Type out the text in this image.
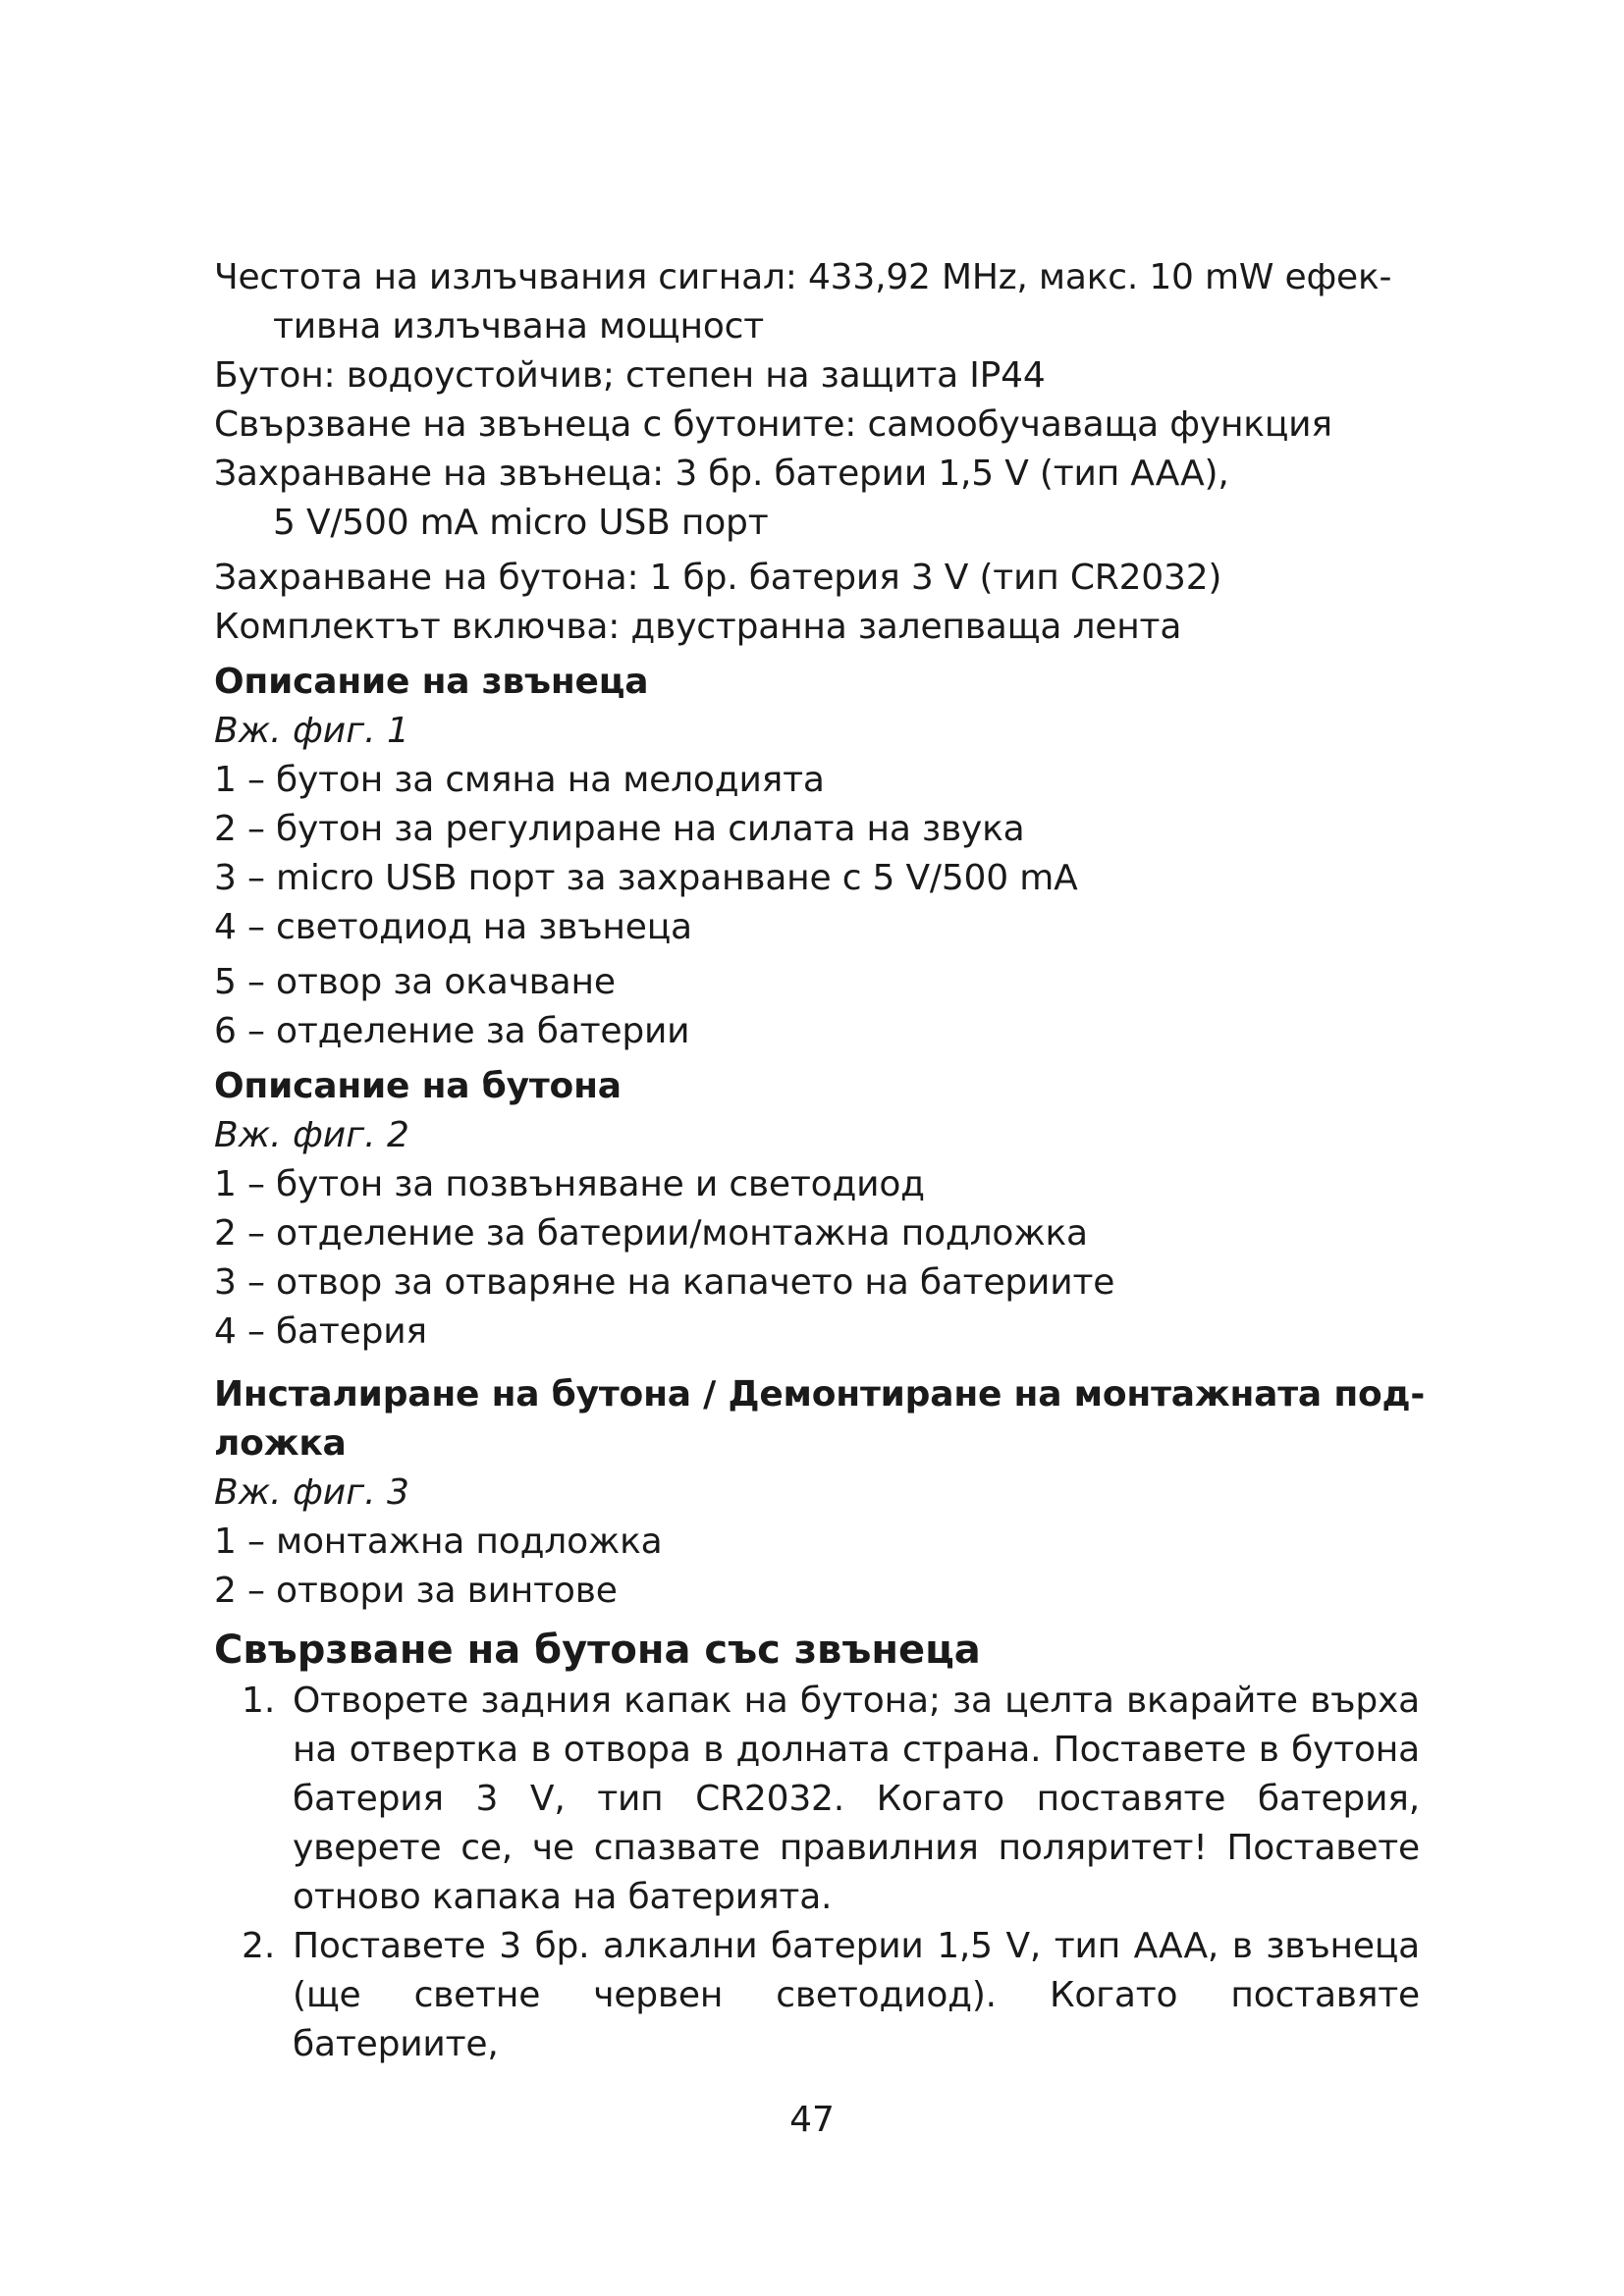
Честота на излъчвания сигнал: 433,92 MHz, макс. 10 mW ефек-
тивна излъчвана мощност
Бутон: водоустойчив; степен на защита IP44
Свързване на звънеца с бутоните: самообучаваща функция
Захранване на звънеца: 3 бр. батерии 1,5 V (тип AAA),
5 V/500 mA micro USB порт
Захранване на бутона: 1 бр. батерия 3 V (тип CR2032)
Комплектът включва: двустранна залепваща лента
Описание на звънеца
Вж. фиг. 1
1 – бутон за смяна на мелодията
2 – бутон за регулиране на силата на звука
3 – micro USB порт за захранване с 5 V/500 mA
4 – светодиод на звънеца
5 – отвор за окачване
6 – отделение за батерии
Описание на бутона
Вж. фиг. 2
1 – бутон за позвъняване и светодиод
2 – отделение за батерии/монтажна подложка
3 – отвор за отваряне на капачето на батериите
4 – батерия
Инсталиране на бутона / Демонтиране на монтажната под-
ложка
Вж. фиг. 3
1 – монтажна подложка
2 – отвори за винтове
Свързване на бутона със звънеца
1. Отворете задния капак на бутона; за целта вкарайте върха на отвертка в отвора в долната страна. Поставете в бутона батерия 3 V, тип CR2032. Когато поставяте батерия, уверете се, че спазвате правилния поляритет! Поставете отново капака на батерията.
2. Поставете 3 бр. алкални батерии 1,5 V, тип AAA, в звънеца (ще светне червен светодиод). Когато поставяте батериите,
47
